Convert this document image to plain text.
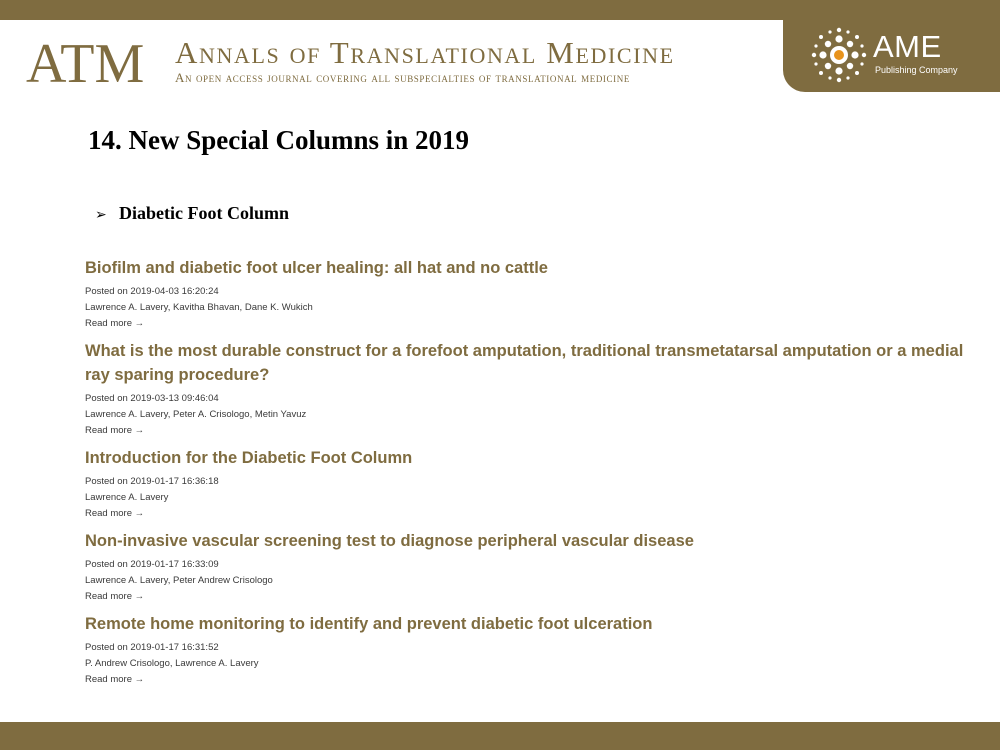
ATM Annals of Translational Medicine
An open access journal covering all subspecialties of translational medicine
AME
Publishing Company
14. New Special Columns in 2019
➢ Diabetic Foot Column
Biofilm and diabetic foot ulcer healing: all hat and no cattle
Posted on 2019-04-03 16:20:24
Lawrence A. Lavery, Kavitha Bhavan, Dane K. Wukich
Read more →
What is the most durable construct for a forefoot amputation, traditional transmetatarsal amputation or a medial ray sparing procedure?
Posted on 2019-03-13 09:46:04
Lawrence A. Lavery, Peter A. Crisologo, Metin Yavuz
Read more →
Introduction for the Diabetic Foot Column
Posted on 2019-01-17 16:36:18
Lawrence A. Lavery
Read more →
Non-invasive vascular screening test to diagnose peripheral vascular disease
Posted on 2019-01-17 16:33:09
Lawrence A. Lavery, Peter Andrew Crisologo
Read more →
Remote home monitoring to identify and prevent diabetic foot ulceration
Posted on 2019-01-17 16:31:52
P. Andrew Crisologo, Lawrence A. Lavery
Read more →
